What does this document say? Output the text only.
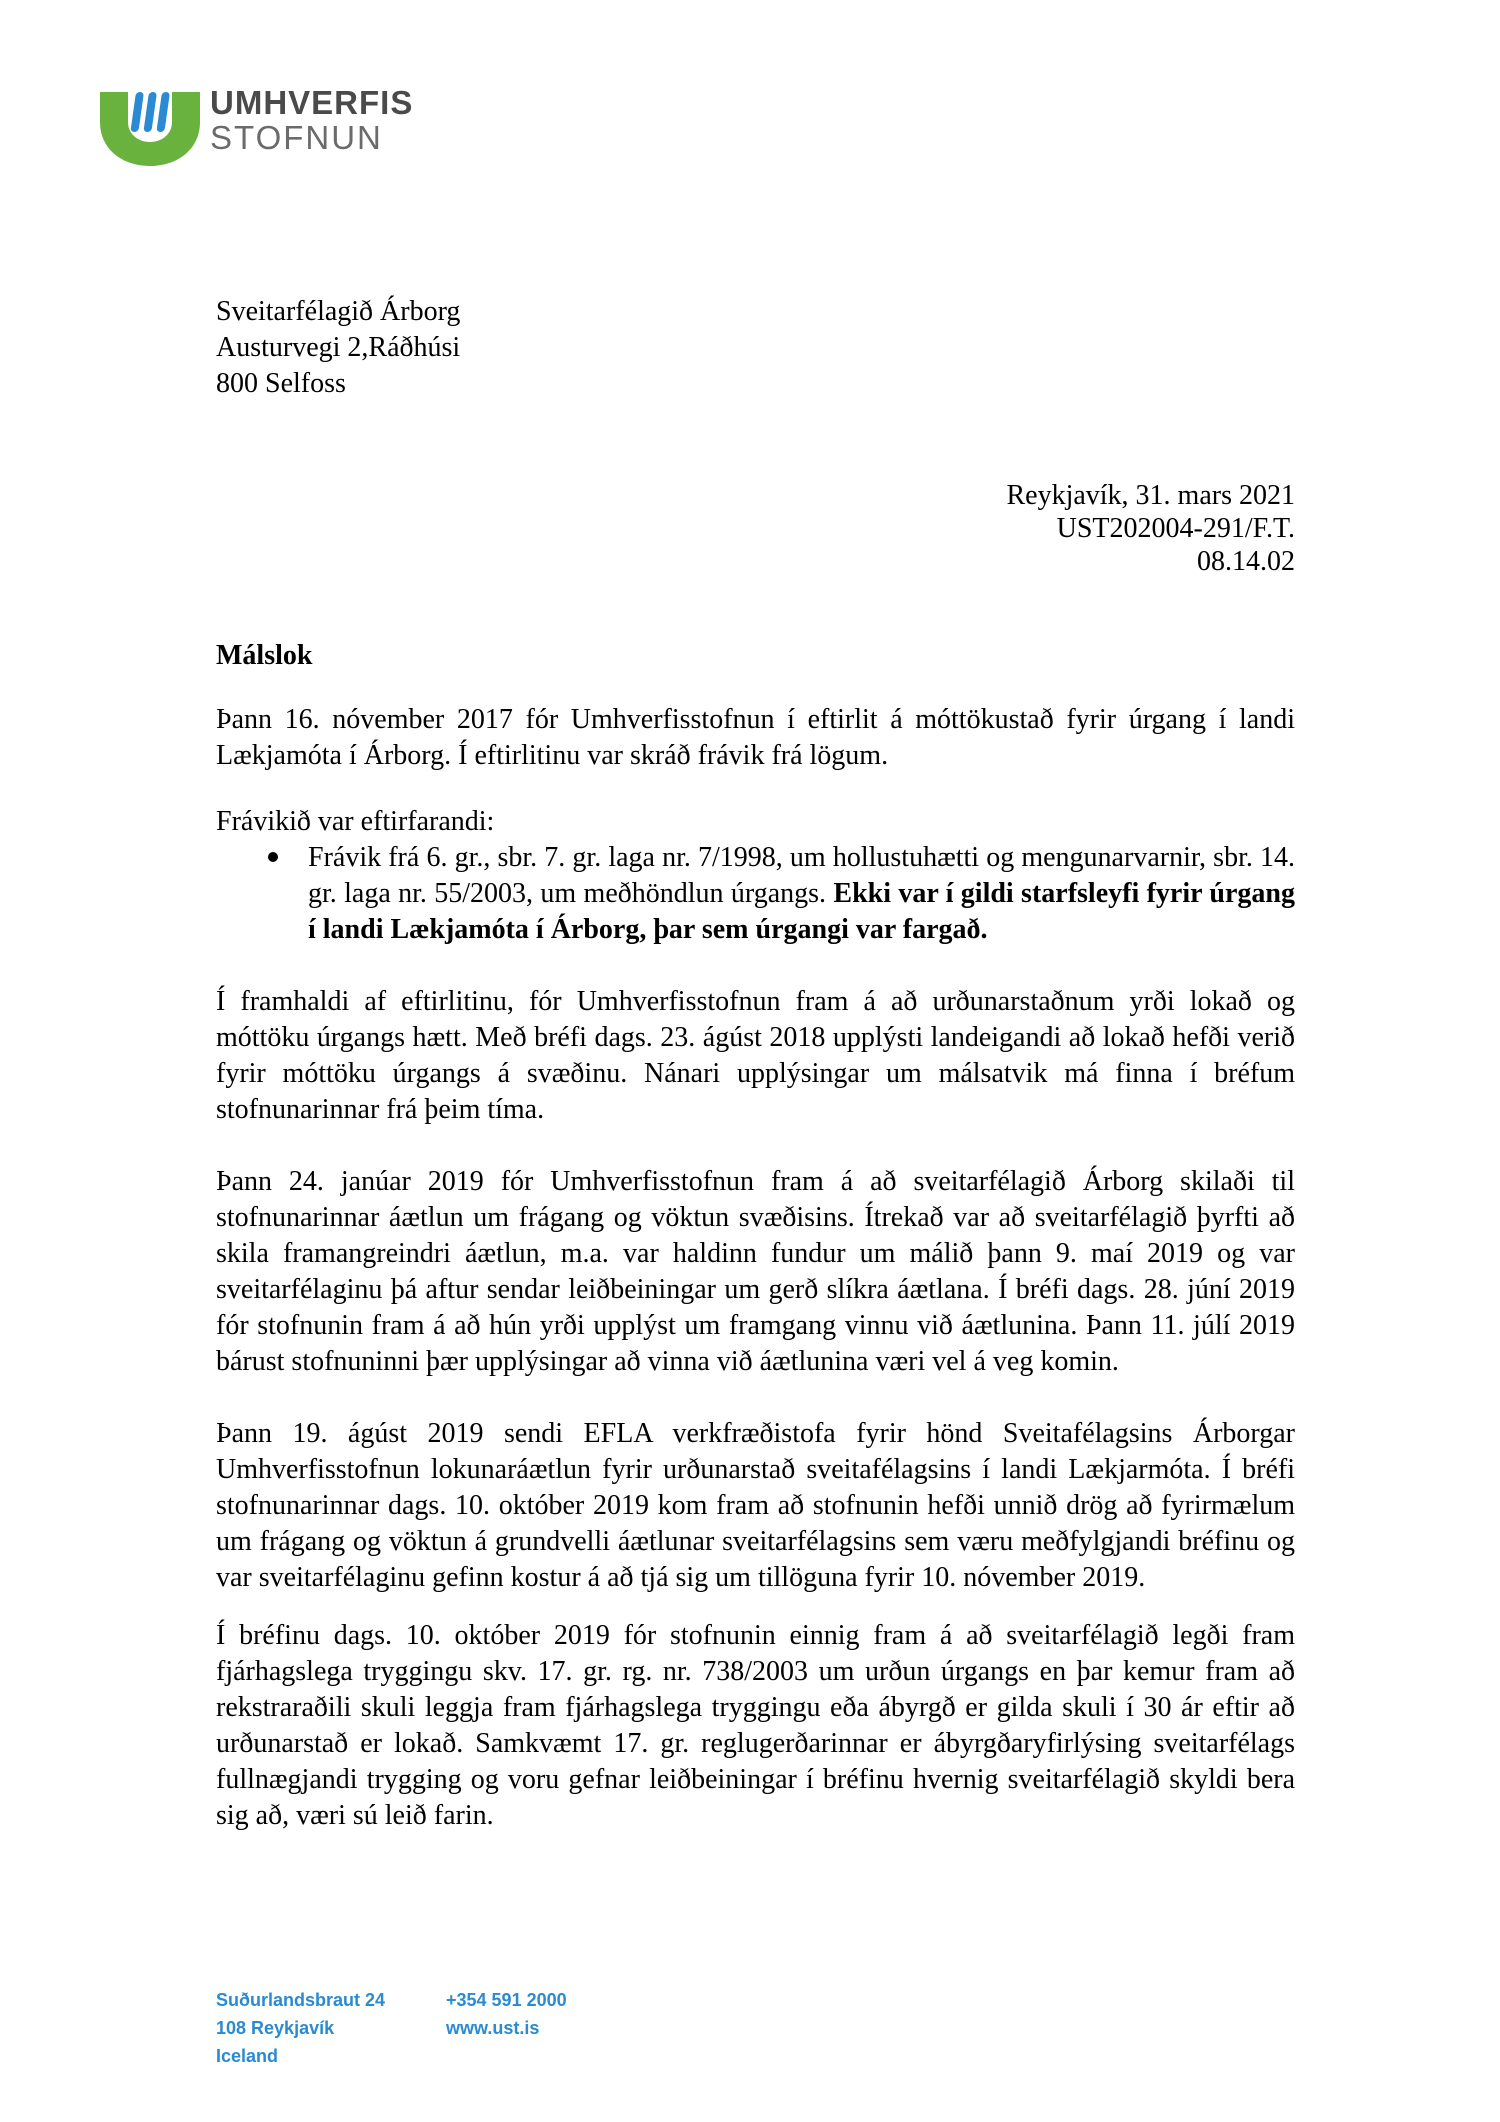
UMHVERFIS
STOFNUN
Sveitarfélagið Árborg
Austurvegi 2,Ráðhúsi
800 Selfoss
Reykjavík, 31. mars 2021
UST202004-291/F.T.
08.14.02
Málslok

Þann 16. nóvember 2017 fór Umhverfisstofnun í eftirlit á móttökustað fyrir úrgang í landi Lækjamóta í Árborg. Í eftirlitinu var skráð frávik frá lögum.

Frávikið var eftirfarandi:

Frávik frá 6. gr., sbr. 7. gr. laga nr. 7/1998, um hollustuhætti og mengunarvarnir, sbr. 14. gr. laga nr. 55/2003, um meðhöndlun úrgangs. Ekki var í gildi starfsleyfi fyrir úrgang í landi Lækjamóta í Árborg, þar sem úrgangi var fargað.

Í framhaldi af eftirlitinu, fór Umhverfisstofnun fram á að urðunarstaðnum yrði lokað og móttöku úrgangs hætt. Með bréfi dags. 23. ágúst 2018 upplýsti landeigandi að lokað hefði verið fyrir móttöku úrgangs á svæðinu. Nánari upplýsingar um málsatvik má finna í bréfum stofnunarinnar frá þeim tíma.

Þann 24. janúar 2019 fór Umhverfisstofnun fram á að sveitarfélagið Árborg skilaði til stofnunarinnar áætlun um frágang og vöktun svæðisins. Ítrekað var að sveitarfélagið þyrfti að skila framangreindri áætlun, m.a. var haldinn fundur um málið þann 9. maí 2019 og var sveitarfélaginu þá aftur sendar leiðbeiningar um gerð slíkra áætlana. Í bréfi dags. 28. júní 2019 fór stofnunin fram á að hún yrði upplýst um framgang vinnu við áætlunina. Þann 11. júlí 2019 bárust stofnuninni þær upplýsingar að vinna við áætlunina væri vel á veg komin.

Þann 19. ágúst 2019 sendi EFLA verkfræðistofa fyrir hönd Sveitafélagsins Árborgar Umhverfisstofnun lokunaráætlun fyrir urðunarstað sveitafélagsins í landi Lækjarmóta. Í bréfi stofnunarinnar dags. 10. október 2019 kom fram að stofnunin hefði unnið drög að fyrirmælum um frágang og vöktun á grundvelli áætlunar sveitarfélagsins sem væru meðfylgjandi bréfinu og var sveitarfélaginu gefinn kostur á að tjá sig um tillöguna fyrir 10. nóvember 2019.

Í bréfinu dags. 10. október 2019 fór stofnunin einnig fram á að sveitarfélagið legði fram fjárhagslega tryggingu skv. 17. gr. rg. nr. 738/2003 um urðun úrgangs en þar kemur fram að rekstraraðili skuli leggja fram fjárhagslega tryggingu eða ábyrgð er gilda skuli í 30 ár eftir að urðunarstað er lokað. Samkvæmt 17. gr. reglugerðarinnar er ábyrgðaryfirlýsing sveitarfélags fullnægjandi trygging og voru gefnar leiðbeiningar í bréfinu hvernig sveitarfélagið skyldi bera sig að, væri sú leið farin.

Suðurlandsbraut 24
108 Reykjavík
Iceland
+354 591 2000
www.ust.is
